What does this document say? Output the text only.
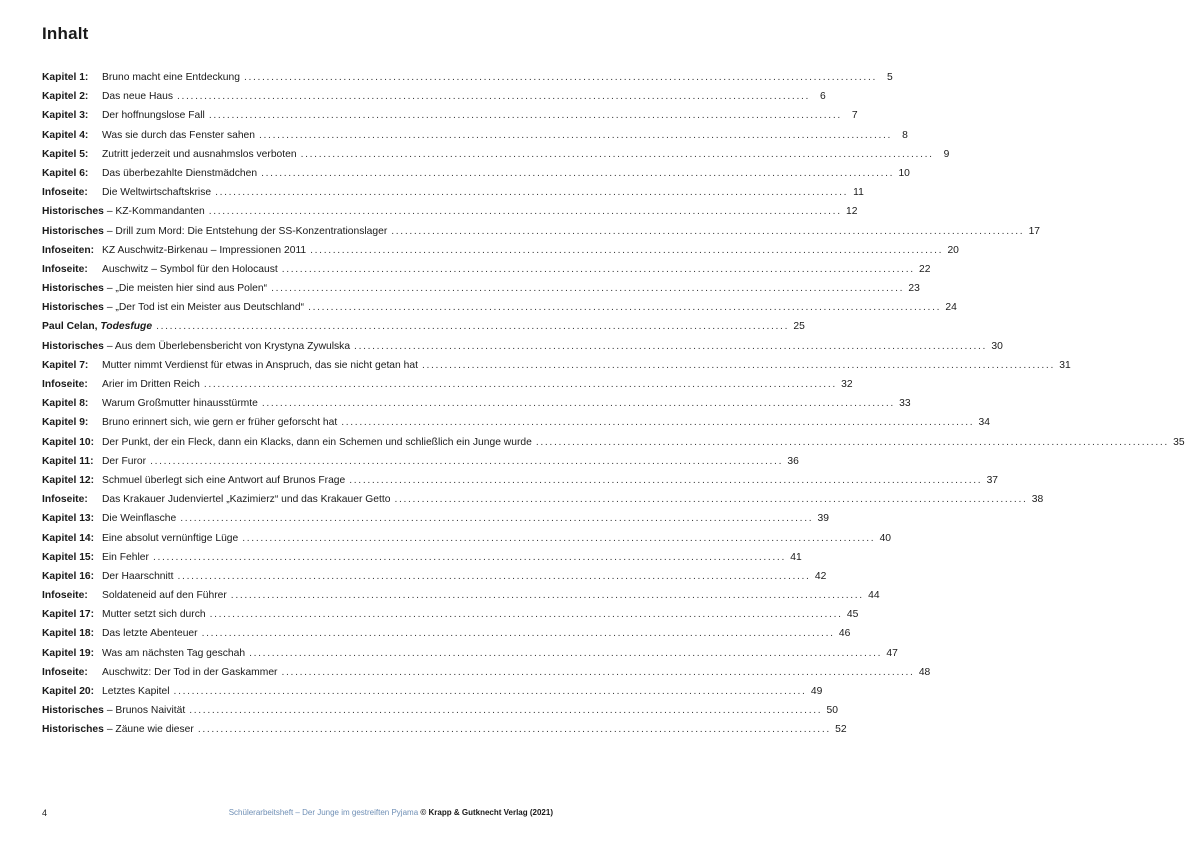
Inhalt
Kapitel 1:	Bruno macht eine Entdeckung . . .	5
Kapitel 2:	Das neue Haus . . .	6
Kapitel 3:	Der hoffnungslose Fall . . .	7
Kapitel 4:	Was sie durch das Fenster sahen . . .	8
Kapitel 5:	Zutritt jederzeit und ausnahmslos verboten . . .	9
Kapitel 6:	Das überbezahlte Dienstmädchen . . .	10
Infoseite:	Die Weltwirtschaftskrise . . .	11
Historisches – KZ-Kommandanten . . .	12
Historisches – Drill zum Mord: Die Entstehung der SS-Konzentrationslager . . .	17
Infoseiten: KZ Auschwitz-Birkenau – Impressionen 2011 . . .	20
Infoseite:	Auschwitz – Symbol für den Holocaust . . .	22
Historisches – „Die meisten hier sind aus Polen“ . . .	23
Historisches – „Der Tod ist ein Meister aus Deutschland“ . . .	24
Paul Celan, Todesfuge . . .	25
Historisches – Aus dem Überlebensbericht von Krystyna Zywulska . . .	30
Kapitel 7:	Mutter nimmt Verdienst für etwas in Anspruch, das sie nicht getan hat . . .	31
Infoseite:	Arier im Dritten Reich . . .	32
Kapitel 8:	Warum Großmutter hinausstürmte . . .	33
Kapitel 9:	Bruno erinnert sich, wie gern er früher geforscht hat . . .	34
Kapitel 10: Der Punkt, der ein Fleck, dann ein Klacks, dann ein Schemen und schließlich ein Junge wurde . . .	35
Kapitel 11: Der Furor . . .	36
Kapitel 12: Schmuel überlegt sich eine Antwort auf Brunos Frage . . .	37
Infoseite:	Das Krakauer Judenviertel „Kazimierz“ und das Krakauer Getto . . .	38
Kapitel 13: Die Weinflasche . . .	39
Kapitel 14: Eine absolut vernünftige Lüge . . .	40
Kapitel 15: Ein Fehler . . .	41
Kapitel 16: Der Haarschnitt . . .	42
Infoseite:	Soldateneid auf den Führer . . .	44
Kapitel 17: Mutter setzt sich durch . . .	45
Kapitel 18: Das letzte Abenteuer . . .	46
Kapitel 19: Was am nächsten Tag geschah . . .	47
Infoseite:	Auschwitz: Der Tod in der Gaskammer . . .	48
Kapitel 20: Letztes Kapitel . . .	49
Historisches – Brunos Naivität . . .	50
Historisches – Zäune wie dieser . . .	52
4	Schülerarbeitsheft – Der Junge im gestreiften Pyjama © Krapp & Gutknecht Verlag (2021)
